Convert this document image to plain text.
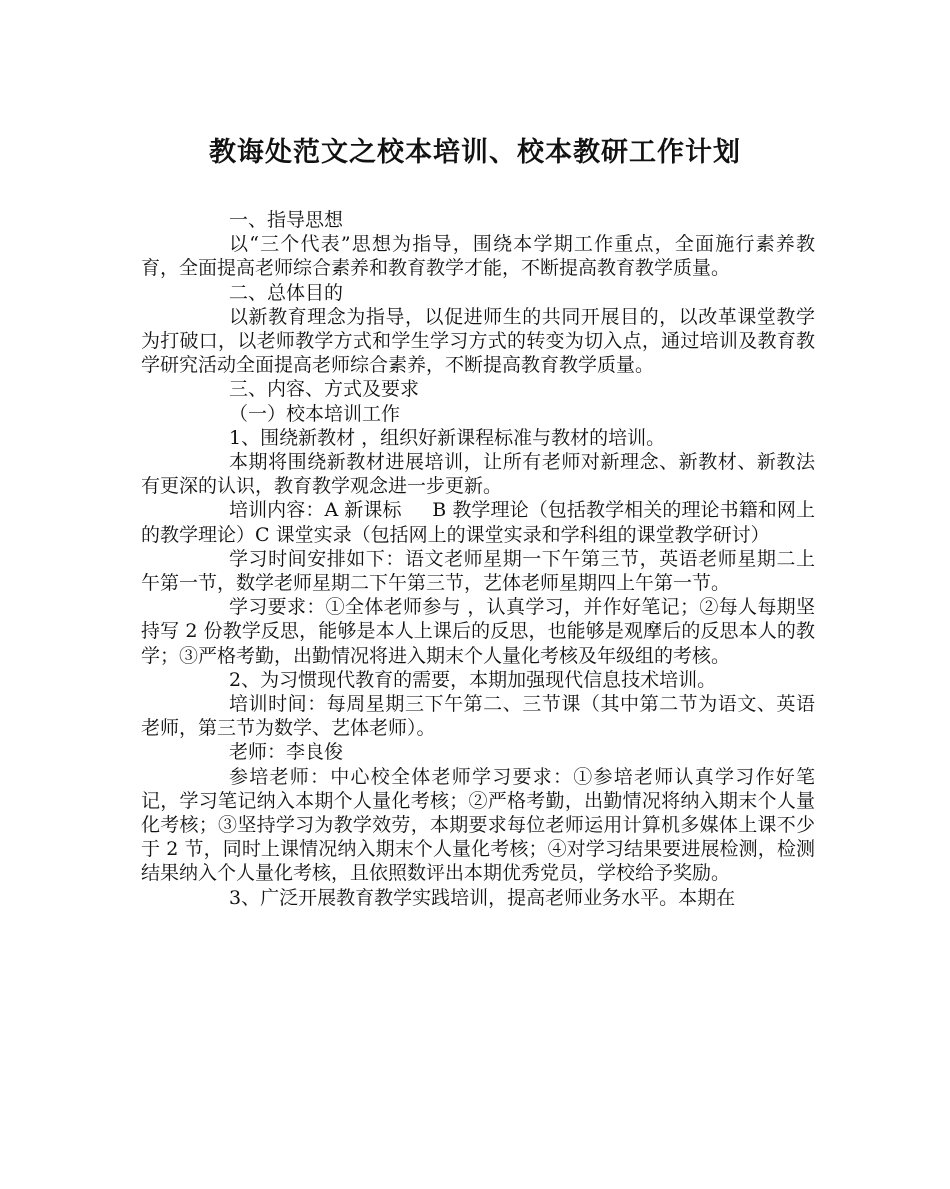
教诲处范文之校本培训、校本教研工作计划

一、指导思想

以“三个代表”思想为指导，围绕本学期工作重点，全面施行素养教育，全面提高老师综合素养和教育教学才能，不断提高教育教学质量。

二、总体目的

以新教育理念为指导，以促进师生的共同开展目的，以改革课堂教学为打破口，以老师教学方式和学生学习方式的转变为切入点，通过培训及教育教学研究活动全面提高老师综合素养，不断提高教育教学质量。

三、内容、方式及要求

（一）校本培训工作

1、围绕新教材 ，组织好新课程标准与教材的培训。

本期将围绕新教材进展培训，让所有老师对新理念、新教材、新教法有更深的认识，教育教学观念进一步更新。

培训内容：A 新课标     B 教学理论（包括教学相关的理论书籍和网上的教学理论）C 课堂实录（包括网上的课堂实录和学科组的课堂教学研讨）

学习时间安排如下：语文老师星期一下午第三节，英语老师星期二上午第一节，数学老师星期二下午第三节，艺体老师星期四上午第一节。

学习要求：①全体老师参与 ，认真学习，并作好笔记；②每人每期坚持写 2 份教学反思，能够是本人上课后的反思，也能够是观摩后的反思本人的教学；③严格考勤，出勤情况将进入期末个人量化考核及年级组的考核。

2、为习惯现代教育的需要，本期加强现代信息技术培训。

培训时间：每周星期三下午第二、三节课（其中第二节为语文、英语老师，第三节为数学、艺体老师）。

老师：李良俊

参培老师：中心校全体老师学习要求：①参培老师认真学习作好笔记，学习笔记纳入本期个人量化考核；②严格考勤，出勤情况将纳入期末个人量化考核；③坚持学习为教学效劳，本期要求每位老师运用计算机多媒体上课不少于 2 节，同时上课情况纳入期末个人量化考核；④对学习结果要进展检测，检测结果纳入个人量化考核，且依照数评出本期优秀党员，学校给予奖励。

3、广泛开展教育教学实践培训，提高老师业务水平。本期在
